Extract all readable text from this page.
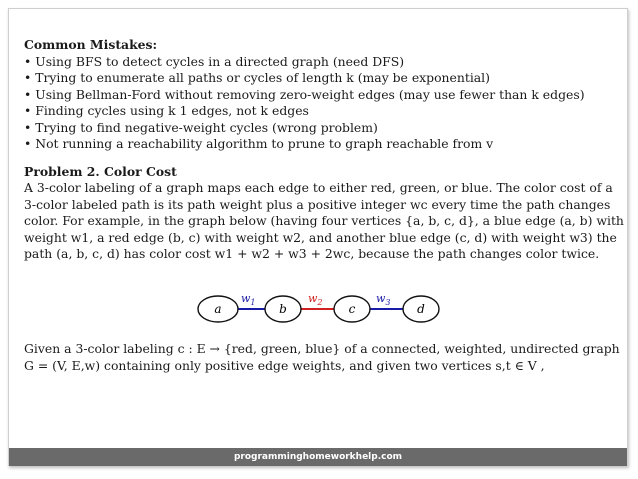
Common Mistakes:
• Using BFS to detect cycles in a directed graph (need DFS)
• Trying to enumerate all paths or cycles of length k (may be exponential)
• Using Bellman-Ford without removing zero-weight edges (may use fewer than k edges)
• Finding cycles using k 1 edges, not k edges
• Trying to find negative-weight cycles (wrong problem)
• Not running a reachability algorithm to prune to graph reachable from v
Problem 2. Color Cost
A 3-color labeling of a graph maps each edge to either red, green, or blue. The color cost of a
3-color labeled path is its path weight plus a positive integer wc every time the path changes
color. For example, in the graph below (having four vertices {a, b, c, d}, a blue edge (a, b) with
weight w1, a red edge (b, c) with weight w2, and another blue edge (c, d) with weight w3) the
path (a, b, c, d) has color cost w1 + w2 + w3 + 2wc, because the path changes color twice.
$w_1$	$w_2$	$w_3$
a	b	c	d
Given a 3-color labeling c : E → {red, green, blue} of a connected, weighted, undirected graph
G = (V, E,w) containing only positive edge weights, and given two vertices s,t ∈ V ,
programminghomeworkhelp.com
